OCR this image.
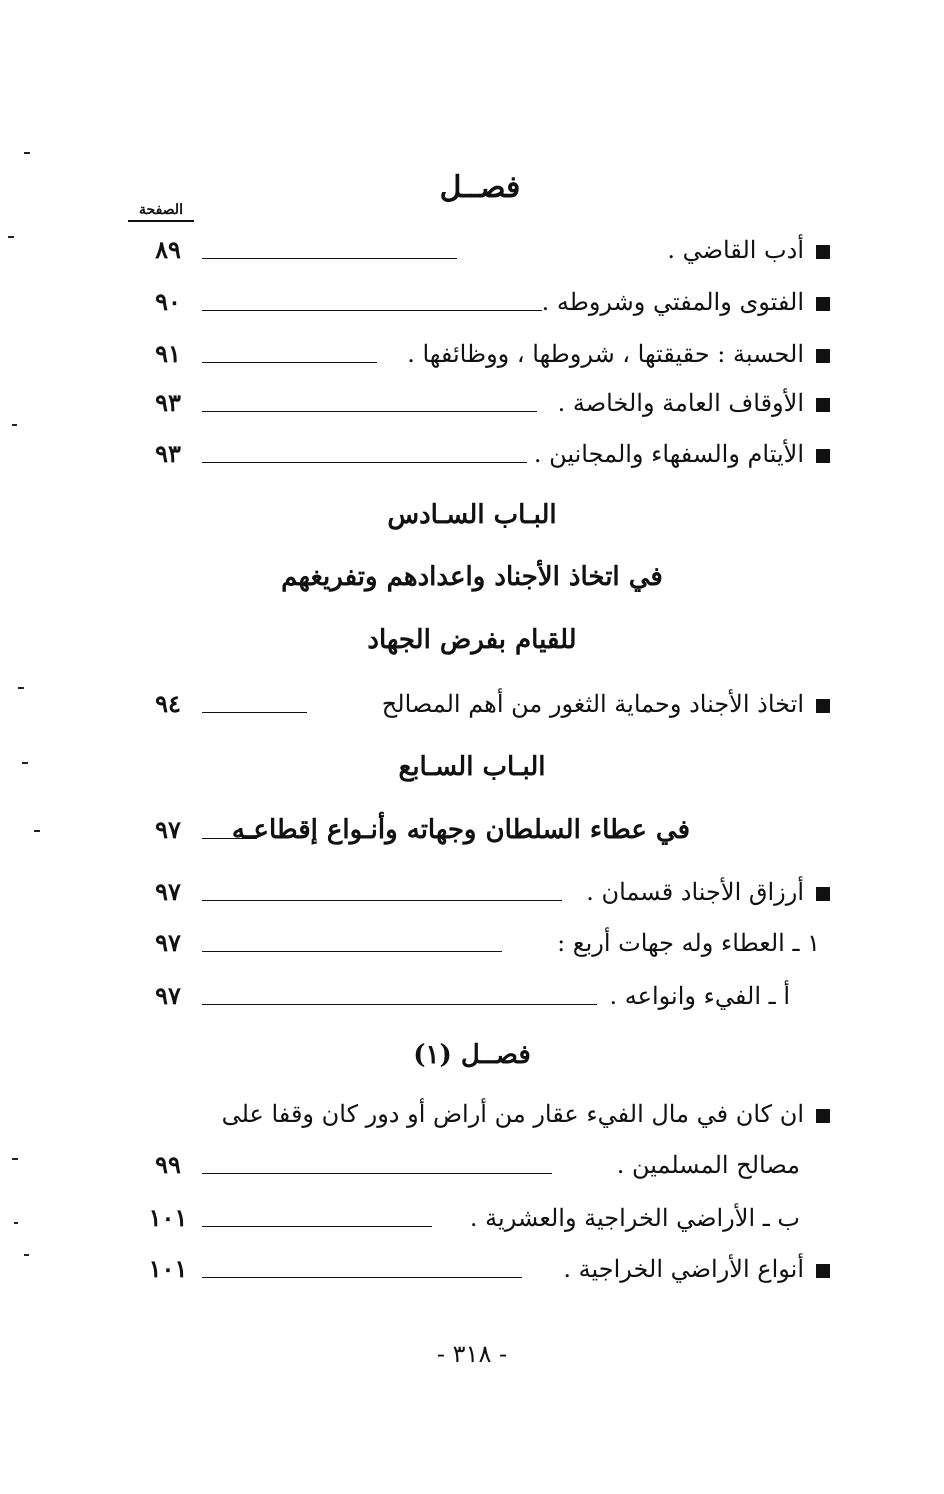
فصــل
الصفحة
أدب القاضي .
٨٩
الفتوى والمفتي وشروطه .
٩٠
الحسبة : حقيقتها ، شروطها ، ووظائفها .
٩١
الأوقاف العامة والخاصة .
٩٣
الأيتام والسفهاء والمجانين .
٩٣
البـاب السـادس
في اتخاذ الأجناد واعدادهم وتفريغهم
للقيام بفرض الجهاد
اتخاذ الأجناد وحماية الثغور من أهم المصالح
٩٤
البـاب السـابع
في عطاء السلطان وجهاته وأنـواع إقطاعـه
٩٧
أرزاق الأجناد قسمان .
٩٧
١ ـ العطاء وله جهات أربع :
٩٧
أ ـ الفيء وانواعه .
٩٧
فصــل (١)
ان كان في مال الفيء عقار من أراض أو دور كان وقفا على
مصالح المسلمين .
٩٩
ب ـ الأراضي الخراجية والعشرية .
١٠١
أنواع الأراضي الخراجية .
١٠١
- ٣١٨ -
